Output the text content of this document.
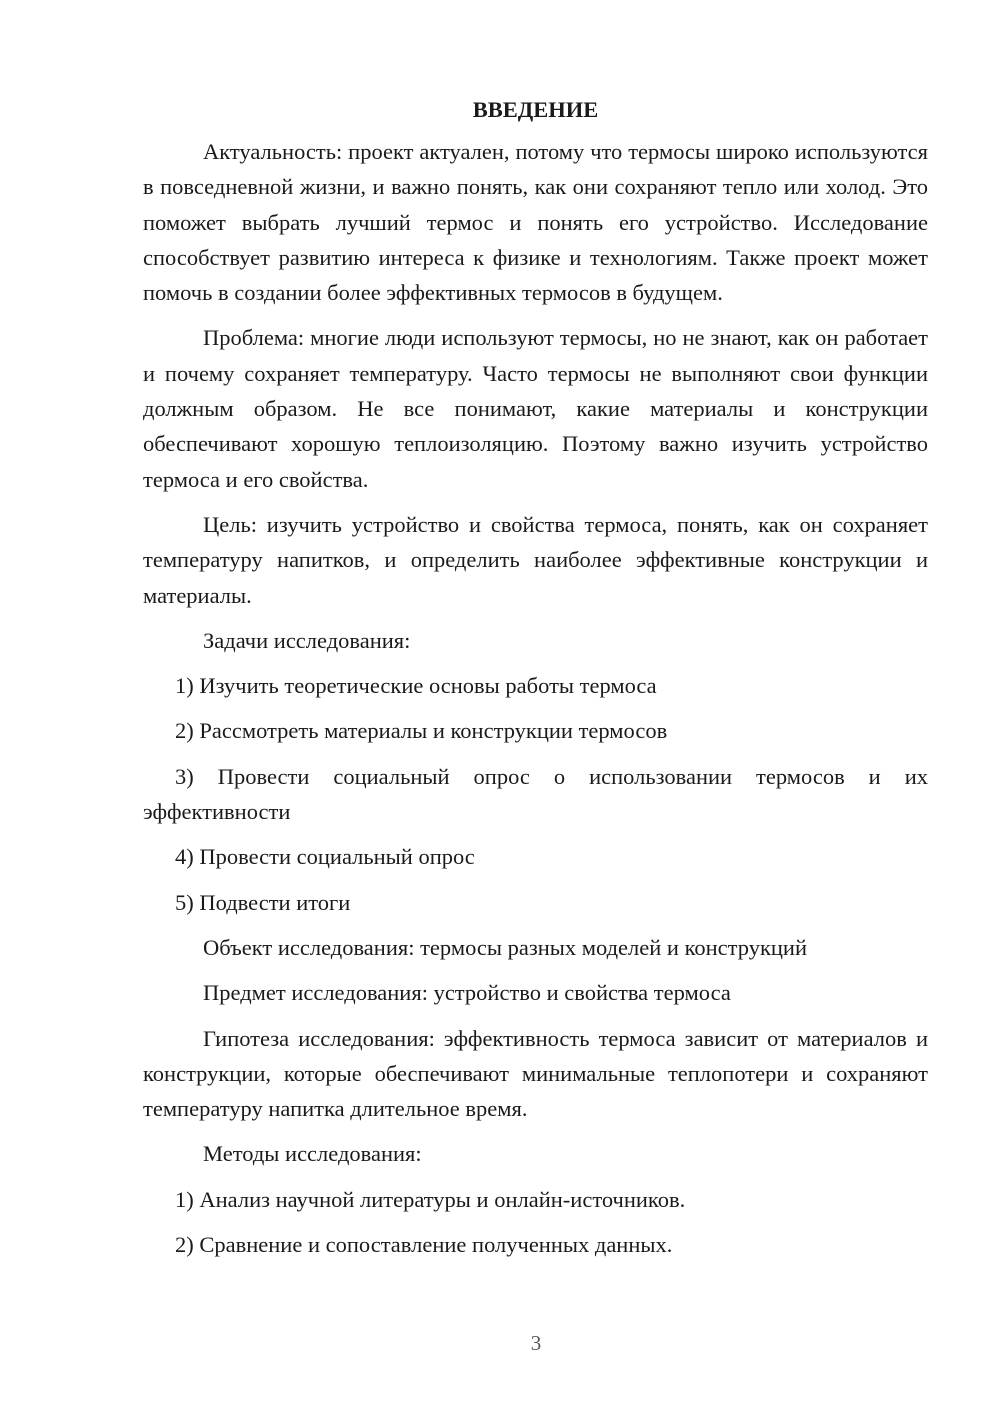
ВВЕДЕНИЕ

Актуальность: проект актуален, потому что термосы широко используются в повседневной жизни, и важно понять, как они сохраняют тепло или холод. Это поможет выбрать лучший термос и понять его устройство. Исследование способствует развитию интереса к физике и технологиям. Также проект может помочь в создании более эффективных термосов в будущем.

Проблема: многие люди используют термосы, но не знают, как он работает и почему сохраняет температуру. Часто термосы не выполняют свои функции должным образом. Не все понимают, какие материалы и конструкции обеспечивают хорошую теплоизоляцию. Поэтому важно изучить устройство термоса и его свойства.

Цель: изучить устройство и свойства термоса, понять, как он сохраняет температуру напитков, и определить наиболее эффективные конструкции и материалы.

Задачи исследования:

1) Изучить теоретические основы работы термоса

2) Рассмотреть материалы и конструкции термосов

3) Провести социальный опрос о использовании термосов и их эффективности

4) Провести социальный опрос

5) Подвести итоги

Объект исследования: термосы разных моделей и конструкций

Предмет исследования: устройство и свойства термоса

Гипотеза исследования: эффективность термоса зависит от материалов и конструкции, которые обеспечивают минимальные теплопотери и сохраняют температуру напитка длительное время.

Методы исследования:

1) Анализ научной литературы и онлайн-источников.

2) Сравнение и сопоставление полученных данных.

3
